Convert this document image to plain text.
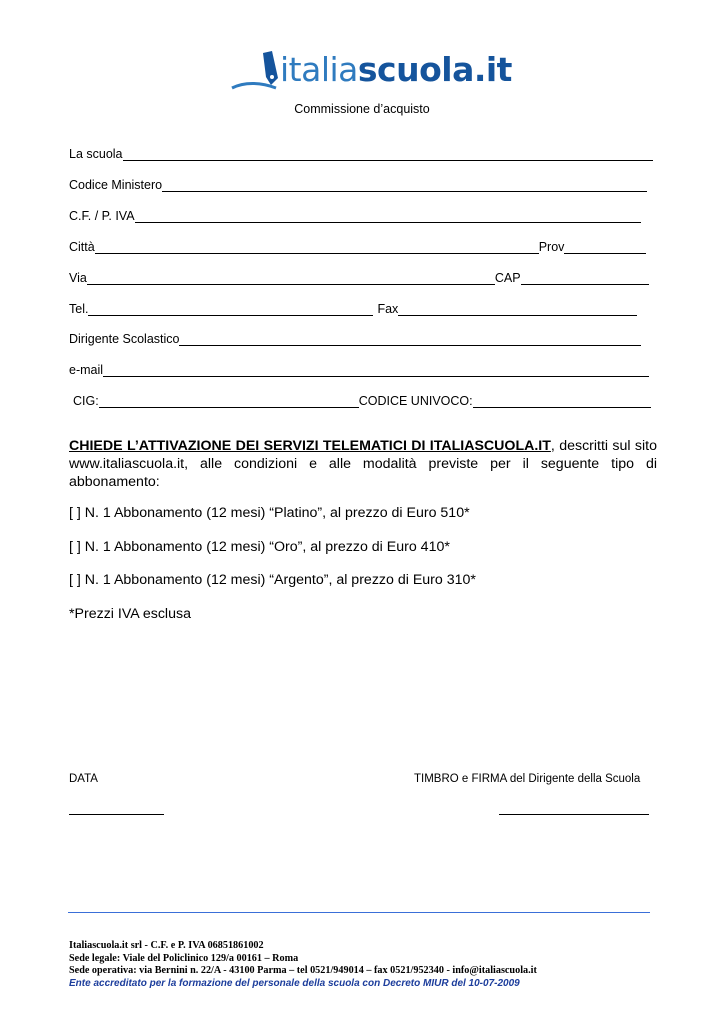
italiascuola.it
Commissione d’acquisto
La scuola
Codice Ministero
C.F. / P. IVA
Città	Prov
Via	CAP
Tel.	Fax
Dirigente Scolastico
e-mail
CIG:	CODICE UNIVOCO:
CHIEDE L’ATTIVAZIONE DEI SERVIZI TELEMATICI DI ITALIASCUOLA.IT, descritti sul sito www.italiascuola.it, alle condizioni e alle modalità previste per il seguente tipo di abbonamento:
[ ] N. 1 Abbonamento (12 mesi) “Platino”, al prezzo di Euro 510*
[ ] N. 1 Abbonamento (12 mesi) “Oro”, al prezzo di Euro 410*
[ ] N. 1 Abbonamento (12 mesi) “Argento”, al prezzo di Euro 310*
*Prezzi IVA esclusa
DATA	TIMBRO e FIRMA del Dirigente della Scuola
Italiascuola.it srl - C.F. e P. IVA 06851861002
Sede legale: Viale del Policlinico 129/a 00161 – Roma
Sede operativa: via Bernini n. 22/A - 43100 Parma – tel 0521/949014 – fax 0521/952340 - info@italiascuola.it
Ente accreditato per la formazione del personale della scuola con Decreto MIUR del 10-07-2009
